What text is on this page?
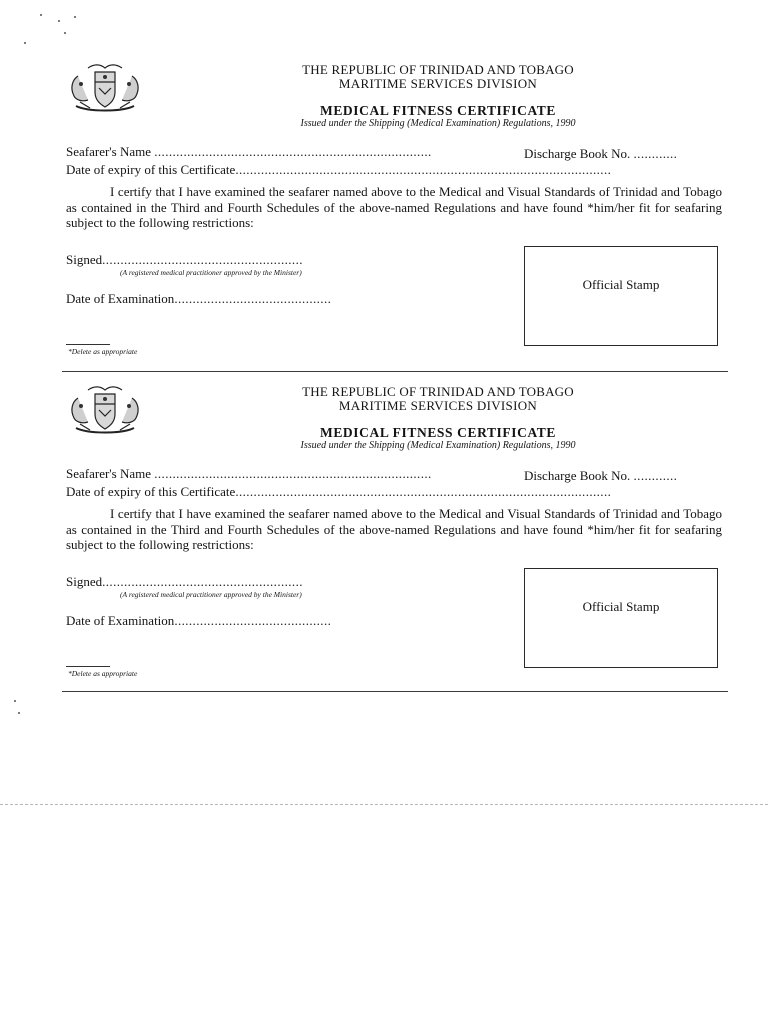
THE REPUBLIC OF TRINIDAD AND TOBAGO
MARITIME SERVICES DIVISION
MEDICAL FITNESS CERTIFICATE
Issued under the Shipping (Medical Examination) Regulations, 1990
Seafarer's Name ............................................................................	Discharge Book No. ............
Date of expiry of this Certificate.......................................................................................................
I certify that I have examined the seafarer named above to the Medical and Visual Standards of Trinidad and Tobago as contained in the Third and Fourth Schedules of the above-named Regulations and have found *him/her fit for seafaring subject to the following restrictions:
Signed.......................................................
(A registered medical practitioner approved by the Minister)
Date of Examination...........................................
Official Stamp
*Delete as appropriate
THE REPUBLIC OF TRINIDAD AND TOBAGO
MARITIME SERVICES DIVISION
MEDICAL FITNESS CERTIFICATE
Issued under the Shipping (Medical Examination) Regulations, 1990
Seafarer's Name ............................................................................	Discharge Book No. ............
Date of expiry of this Certificate.......................................................................................................
I certify that I have examined the seafarer named above to the Medical and Visual Standards of Trinidad and Tobago as contained in the Third and Fourth Schedules of the above-named Regulations and have found *him/her fit for seafaring subject to the following restrictions:
Signed.......................................................
(A registered medical practitioner approved by the Minister)
Date of Examination...........................................
Official Stamp
*Delete as appropriate
